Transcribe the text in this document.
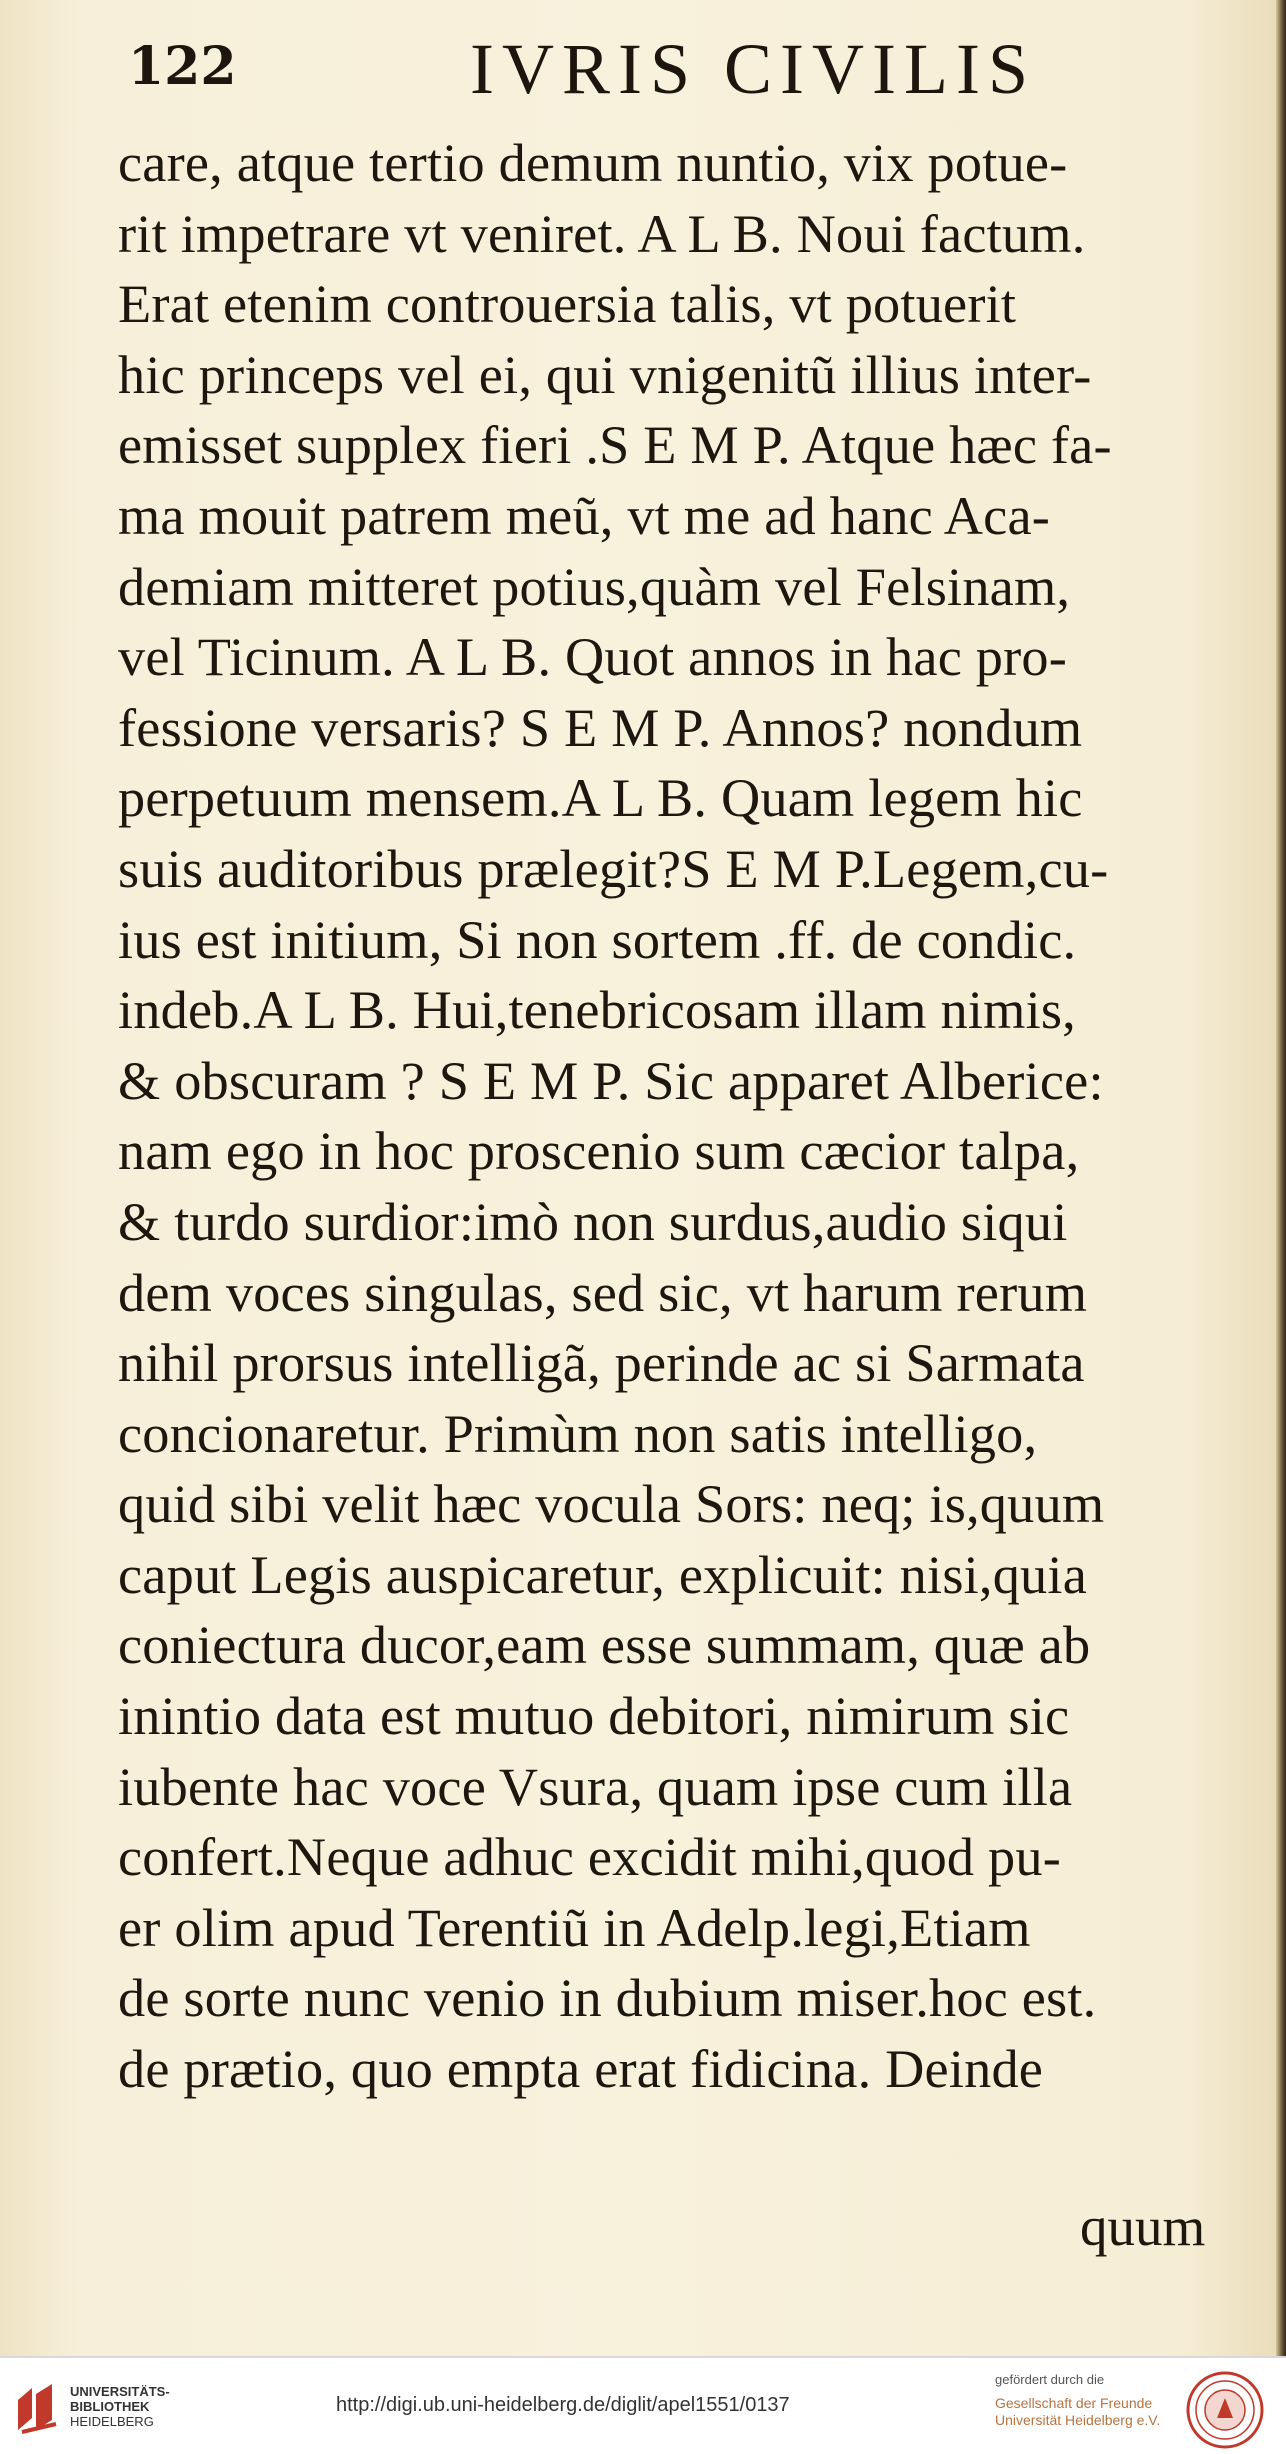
122	IVRIS CIVILIS
care, atque tertio demum nuntio, vix potue-
rit impetrare vt veniret. A L B. Noui factum.
Erat etenim controuersia talis, vt potuerit
hic princeps vel ei, qui vnigenitũ illius inter-
emisset supplex fieri .S E M P. Atque hæc fa-
ma mouit patrem meũ, vt me ad hanc Aca-
demiam mitteret potius,quàm vel Felsinam,
vel Ticinum. A L B. Quot annos in hac pro-
fessione versaris? S E M P. Annos? nondum
perpetuum mensem.A L B. Quam legem hic
suis auditoribus prælegit?S E M P.Legem,cu-
ius est initium, Si non sortem .ff. de condic.
indeb.A L B. Hui,tenebricosam illam nimis,
& obscuram ? S E M P. Sic apparet Alberice:
nam ego in hoc proscenio sum cæcior talpa,
& turdo surdior:imò non surdus,audio siqui
dem voces singulas, sed sic, vt harum rerum
nihil prorsus intelligã, perinde ac si Sarmata
concionaretur. Primùm non satis intelligo,
quid sibi velit hæc vocula Sors: neq; is,quum
caput Legis auspicaretur, explicuit: nisi,quia
coniectura ducor,eam esse summam, quæ ab
inintio data est mutuo debitori, nimirum sic
iubente hac voce Vsura, quam ipse cum illa
confert.Neque adhuc excidit mihi,quod pu-
er olim apud Terentiũ in Adelp.legi,Etiam
de sorte nunc venio in dubium miser.hoc est.
de prætio, quo empta erat fidicina. Deinde
quum
UNIVERSITÄTS-
BIBLIOTHEK
HEIDELBERG
http://digi.ub.uni-heidelberg.de/diglit/apel1551/0137
gefördert durch die
Gesellschaft der Freunde
Universität Heidelberg e.V.
